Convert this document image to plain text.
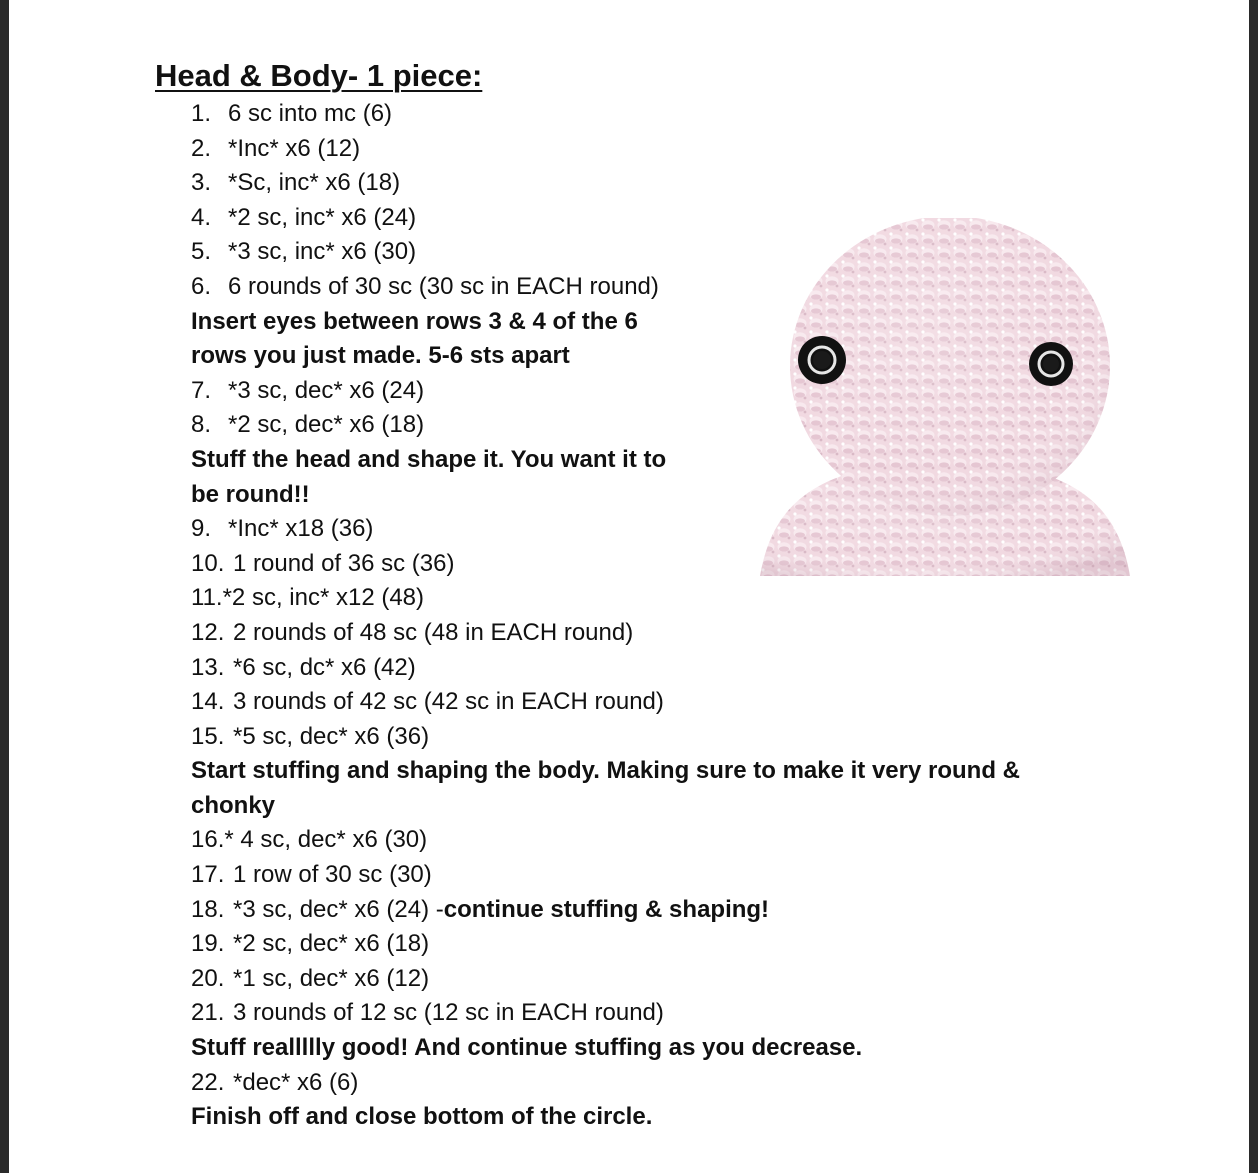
Head & Body- 1 piece:
1. 6 sc into mc (6)
2. *Inc* x6 (12)
3. *Sc, inc* x6 (18)
4. *2 sc, inc* x6 (24)
5. *3 sc, inc* x6 (30)
6. 6 rounds of 30 sc (30 sc in EACH round)
Insert eyes between rows 3 & 4 of the 6
rows you just made. 5-6 sts apart
7. *3 sc, dec* x6 (24)
8. *2 sc, dec* x6 (18)
Stuff the head and shape it. You want it to
be round!!
9. *Inc* x18 (36)
10. 1 round of 36 sc (36)
11.*2 sc, inc* x12 (48)
12. 2 rounds of 48 sc (48 in EACH round)
13. *6 sc, dc* x6 (42)
14. 3 rounds of 42 sc (42 sc in EACH round)
15. *5 sc, dec* x6 (36)
Start stuffing and shaping the body. Making sure to make it very round &
chonky
16.* 4 sc, dec* x6 (30)
17. 1 row of 30 sc (30)
18. *3 sc, dec* x6 (24) -continue stuffing & shaping!
19. *2 sc, dec* x6 (18)
20. *1 sc, dec* x6 (12)
21. 3 rounds of 12 sc (12 sc in EACH round)
Stuff reallllly good! And continue stuffing as you decrease.
22. *dec* x6 (6)
Finish off and close bottom of the circle.
